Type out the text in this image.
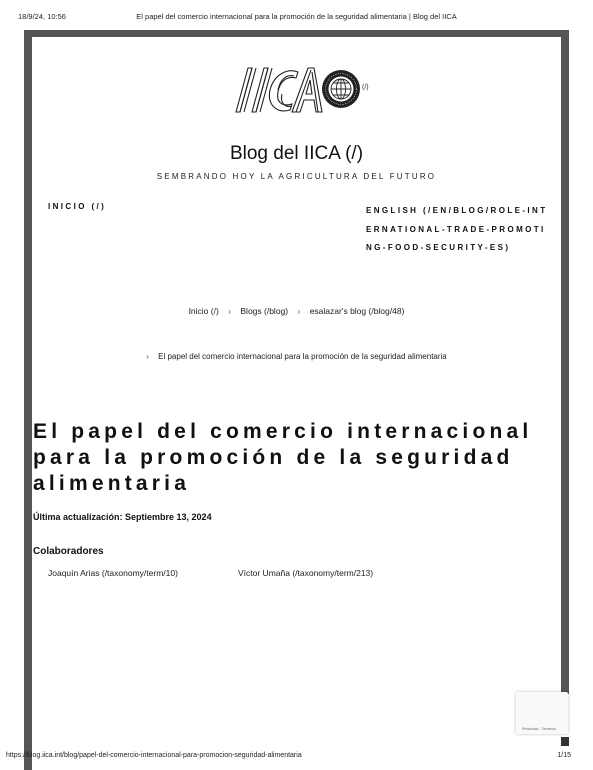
18/9/24, 10:56	El papel del comercio internacional para la promoción de la seguridad alimentaria | Blog del IICA
(/)
Blog del IICA (/)
SEMBRANDO HOY LA AGRICULTURA DEL FUTURO
INICIO (/)	ENGLISH (/EN/BLOG/ROLE-INTERNATIONAL-TRADE-PROMOTING-FOOD-SECURITY-ES)
Inicio (/) › Blogs (/blog) › esalazar's blog (/blog/48)
› El papel del comercio internacional para la promoción de la seguridad alimentaria
El papel del comercio internacional para la promoción de la seguridad alimentaria
Última actualización: Septiembre 13, 2024
Colaboradores
Joaquín Arias (/taxonomy/term/10)	Víctor Umaña (/taxonomy/term/213)
Privacidad - Términos
https://blog.iica.int/blog/papel-del-comercio-internacional-para-promocion-seguridad-alimentaria	1/15
